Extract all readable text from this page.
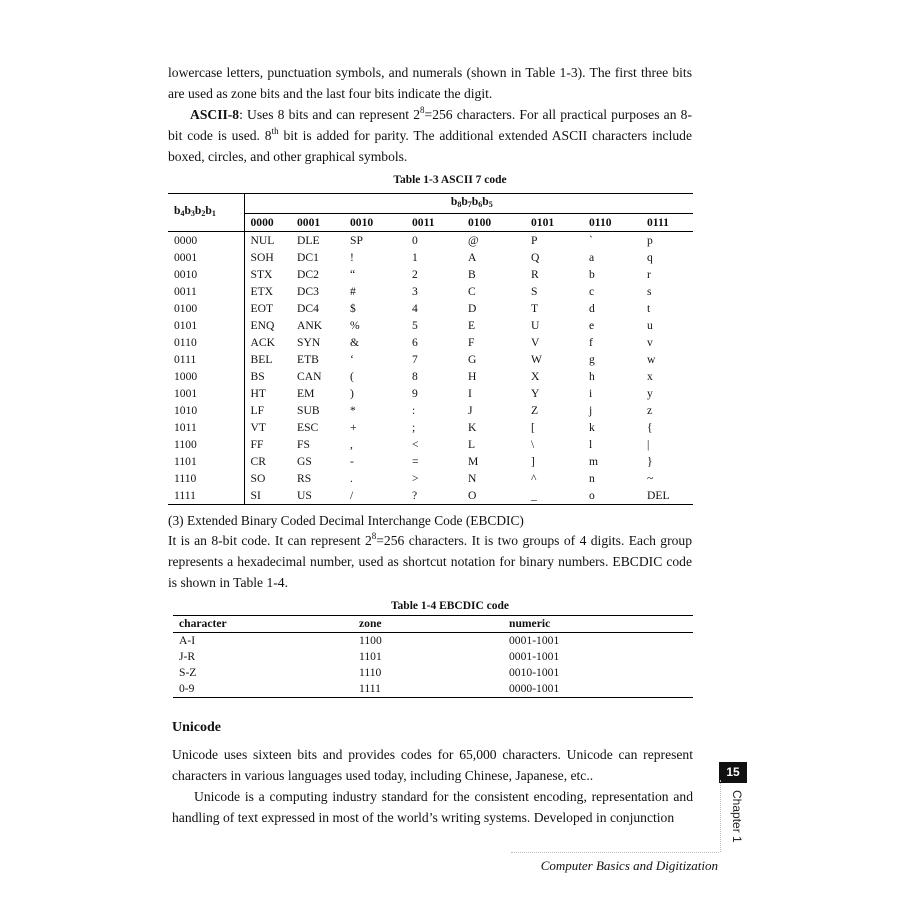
lowercase letters, punctuation symbols, and numerals (shown in Table 1-3). The first three bits are used as zone bits and the last four bits indicate the digit.

ASCII-8: Uses 8 bits and can represent $2^8=256$ characters. For all practical purposes an 8-bit code is used. 8th bit is added for parity. The additional extended ASCII characters include boxed, circles, and other graphical symbols.

Table 1-3 ASCII 7 code
$b_4b_3b_2b_1$	$b_8b_7b_6b_5$
	0000	0001	0010	0011	0100	0101	0110	0111
0000	NUL	DLE	SP	0	@	P	`	p
0001	SOH	DC1	!	1	A	Q	a	q
0010	STX	DC2	“	2	B	R	b	r
0011	ETX	DC3	#	3	C	S	c	s
0100	EOT	DC4	$	4	D	T	d	t
0101	ENQ	ANK	%	5	E	U	e	u
0110	ACK	SYN	&	6	F	V	f	v
0111	BEL	ETB	‘	7	G	W	g	w
1000	BS	CAN	(	8	H	X	h	x
1001	HT	EM	)	9	I	Y	i	y
1010	LF	SUB	*	:	J	Z	j	z
1011	VT	ESC	+	;	K	[	k	{
1100	FF	FS	,	<	L	\	l	|
1101	CR	GS	-	=	M	]	m	}
1110	SO	RS	.	>	N	^	n	~
1111	SI	US	/	?	O	_	o	DEL

(3) Extended Binary Coded Decimal Interchange Code (EBCDIC)

It is an 8-bit code. It can represent $2^8=256$ characters. It is two groups of 4 digits. Each group represents a hexadecimal number, used as shortcut notation for binary numbers. EBCDIC code is shown in Table 1-4.

Table 1-4 EBCDIC code
character	zone	numeric
A-I	1100	0001-1001
J-R	1101	0001-1001
S-Z	1110	0010-1001
0-9	1111	0000-1001
Unicode

Unicode uses sixteen bits and provides codes for 65,000 characters. Unicode can represent characters in various languages used today, including Chinese, Japanese, etc..

Unicode is a computing industry standard for the consistent encoding, representation and handling of text expressed in most of the world’s writing systems. Developed in conjunction

15
Chapter 1
Computer Basics and Digitization
